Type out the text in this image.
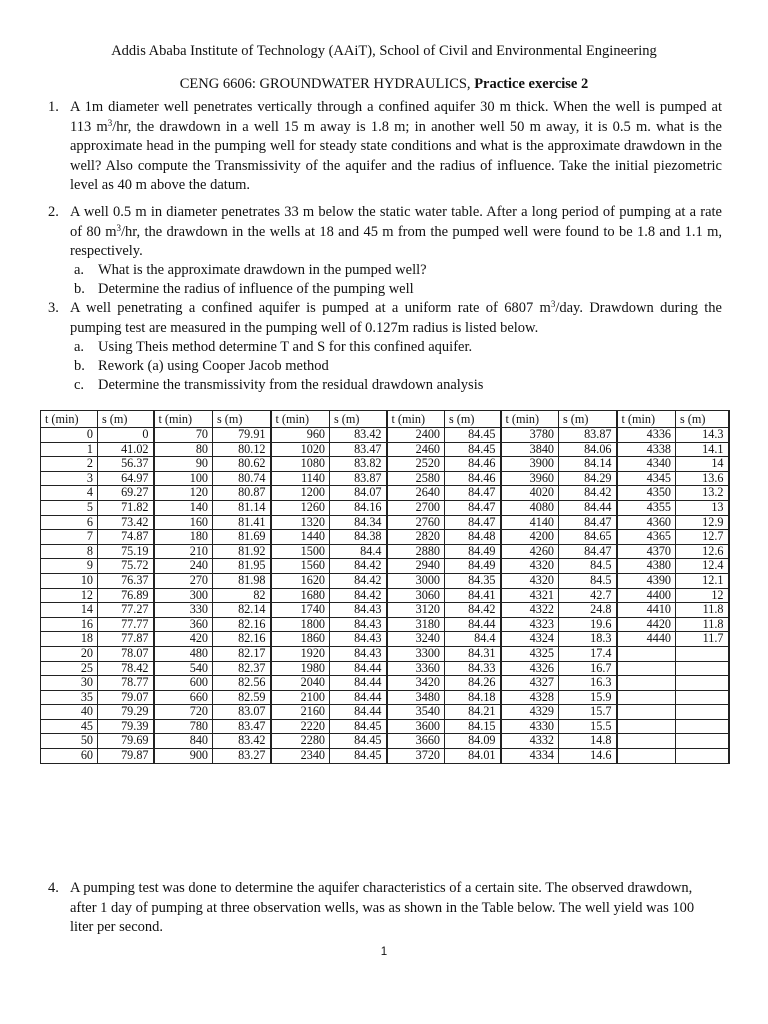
Addis Ababa Institute of Technology (AAiT), School of Civil and Environmental Engineering
CENG 6606: GROUNDWATER HYDRAULICS, Practice exercise 2
1. A 1m diameter well penetrates vertically through a confined aquifer 30 m thick. When the well is pumped at 113 $m^3/hr$, the drawdown in a well 15 m away is 1.8 m; in another well 50 m away, it is 0.5 m. what is the approximate head in the pumping well for steady state conditions and what is the approximate drawdown in the well? Also compute the Transmissivity of the aquifer and the radius of influence. Take the initial piezometric level as 40 m above the datum.
2. A well 0.5 m in diameter penetrates 33 m below the static water table. After a long period of pumping at a rate of 80 $m^3/hr$, the drawdown in the wells at 18 and 45 m from the pumped well were found to be 1.8 and 1.1 m, respectively.
a. What is the approximate drawdown in the pumped well?
b. Determine the radius of influence of the pumping well
3. A well penetrating a confined aquifer is pumped at a uniform rate of 6807 $m^3$/day. Drawdown during the pumping test are measured in the pumping well of 0.127m radius is listed below.
a. Using Theis method determine T and S for this confined aquifer.
b. Rework (a) using Cooper Jacob method
c. Determine the transmissivity from the residual drawdown analysis
t (min)	s (m)	t (min)	s (m)	t (min)	s (m)	t (min)	s (m)	t (min)	s (m)	t (min)	s (m)
0	0	70	79.91	960	83.42	2400	84.45	3780	83.87	4336	14.3
1	41.02	80	80.12	1020	83.47	2460	84.45	3840	84.06	4338	14.1
2	56.37	90	80.62	1080	83.82	2520	84.46	3900	84.14	4340	14
3	64.97	100	80.74	1140	83.87	2580	84.46	3960	84.29	4345	13.6
4	69.27	120	80.87	1200	84.07	2640	84.47	4020	84.42	4350	13.2
5	71.82	140	81.14	1260	84.16	2700	84.47	4080	84.44	4355	13
6	73.42	160	81.41	1320	84.34	2760	84.47	4140	84.47	4360	12.9
7	74.87	180	81.69	1440	84.38	2820	84.48	4200	84.65	4365	12.7
8	75.19	210	81.92	1500	84.4	2880	84.49	4260	84.47	4370	12.6
9	75.72	240	81.95	1560	84.42	2940	84.49	4320	84.5	4380	12.4
10	76.37	270	81.98	1620	84.42	3000	84.35	4320	84.5	4390	12.1
12	76.89	300	82	1680	84.42	3060	84.41	4321	42.7	4400	12
14	77.27	330	82.14	1740	84.43	3120	84.42	4322	24.8	4410	11.8
16	77.77	360	82.16	1800	84.43	3180	84.44	4323	19.6	4420	11.8
18	77.87	420	82.16	1860	84.43	3240	84.4	4324	18.3	4440	11.7
20	78.07	480	82.17	1920	84.43	3300	84.31	4325	17.4		
25	78.42	540	82.37	1980	84.44	3360	84.33	4326	16.7		
30	78.77	600	82.56	2040	84.44	3420	84.26	4327	16.3		
35	79.07	660	82.59	2100	84.44	3480	84.18	4328	15.9		
40	79.29	720	83.07	2160	84.44	3540	84.21	4329	15.7		
45	79.39	780	83.47	2220	84.45	3600	84.15	4330	15.5		
50	79.69	840	83.42	2280	84.45	3660	84.09	4332	14.8		
60	79.87	900	83.27	2340	84.45	3720	84.01	4334	14.6		
4. A pumping test was done to determine the aquifer characteristics of a certain site. The observed drawdown, after 1 day of pumping at three observation wells, was as shown in the Table below. The well yield was 100 liter per second.
1
